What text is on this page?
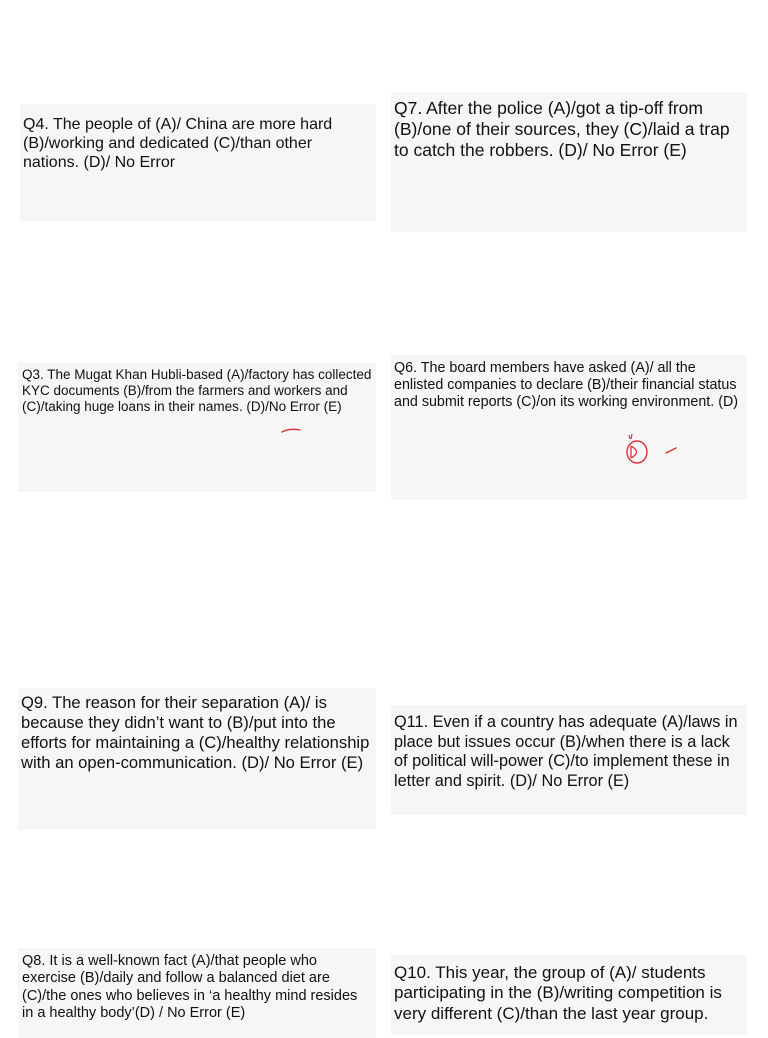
Q4. The people of (A)/ China are more hard (B)/working and dedicated (C)/than other nations. (D)/ No Error

Q7. After the police (A)/got a tip-off from (B)/one of their sources, they (C)/laid a trap to catch the robbers. (D)/ No Error (E)

Q3. The Mugat Khan Hubli-based (A)/factory has collected KYC documents (B)/from the farmers and workers and (C)/taking huge loans in their names. (D)/No Error (E)

Q6. The board members have asked (A)/ all the enlisted companies to declare (B)/their financial status and submit reports (C)/on its working environment. (D)

Q9. The reason for their separation (A)/ is because they didn’t want to (B)/put into the efforts for maintaining a (C)/healthy relationship with an open-communication. (D)/ No Error (E)

Q11. Even if a country has adequate (A)/laws in place but issues occur (B)/when there is a lack of political will-power (C)/to implement these in letter and spirit. (D)/ No Error (E)

Q8. It is a well-known fact (A)/that people who exercise (B)/daily and follow a balanced diet are (C)/the ones who believes in ‘a healthy mind resides in a healthy body’(D) / No Error (E)

Q10. This year, the group of (A)/ students participating in the (B)/writing competition is very different (C)/than the last year group.
